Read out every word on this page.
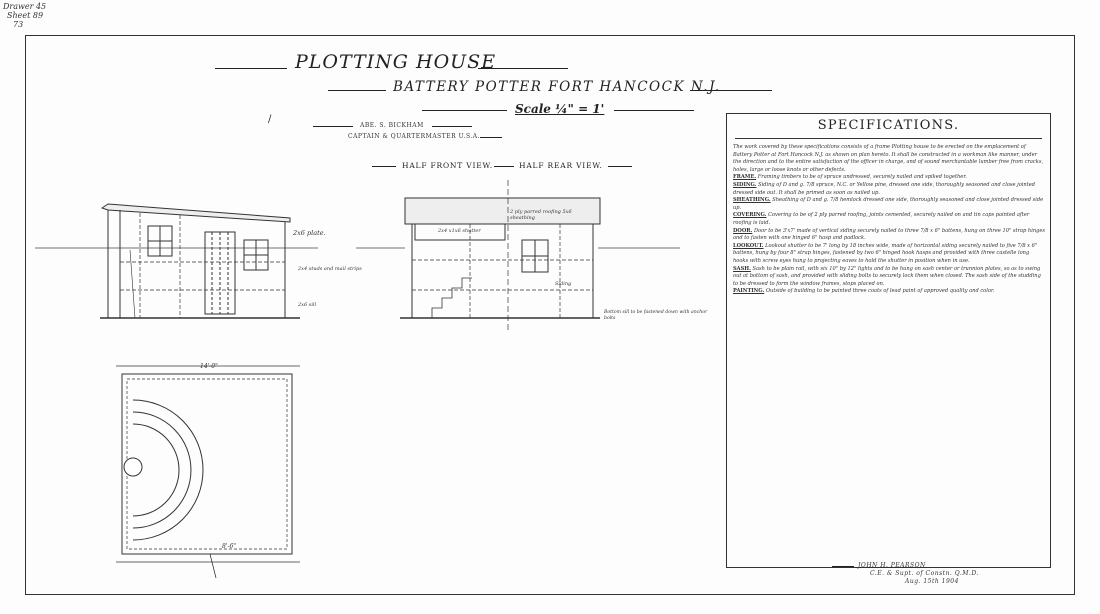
Drawer 45
Sheet 89
73
PLOTTING HOUSE
BATTERY POTTER FORT HANCOCK N.J.
Scale ¼" = 1'
ABE. S. BICKHAM
CAPTAIN & QUARTERMASTER U.S.A.
HALF FRONT VIEW.	HALF REAR VIEW.
/
2x6 plate.
2x4 studs and mail strips
2x6 sill
2 ply parred roofing 5x6 sheathing
2x4 x1x6 shutter
Siding
Bottom sill to be fastened down with anchor bolts
14'-0"
8'-6"
SPECIFICATIONS.

The work covered by these specifications consists of a frame Plotting house to be erected on the emplacement of Battery Potter at Fort Hancock N.J. as shown on plan hereto. It shall be constructed in a workman like manner, under the direction and to the entire satisfaction of the officer in charge, and of sound merchantable lumber free from cracks, holes, large or loose knots or other defects.

FRAME. Framing timbers to be of spruce undressed, securely nailed and spiked together.

SIDING. Siding of D and g. 7/8 spruce, N.C. or Yellow pine, dressed one side, thoroughly seasoned and close jointed dressed side out. It shall be primed as soon as nailed up.

SHEATHING. Sheathing of D and g. 7/8 hemlock dressed one side, thoroughly seasoned and close jointed dressed side up.

COVERING. Covering to be of 2 ply parred roofing, joints cemented, securely nailed on and tin caps painted after roofing is laid.

DOOR. Door to be 3'x7' made of vertical siding securely nailed to three 7/8 x 6" battens, hung on three 10" strap hinges and to fasten with one hinged 6" hasp and padlock.

LOOKOUT. Lookout shutter to be 7' long by 18 inches wide, made of horizontal siding securely nailed to five 7/8 x 6" battens, hung by four 8" strap hinges, fastened by two 6" hinged hook hasps and provided with three castelle long hooks with screw eyes hung to projecting eaves to hold the shutter in position when in use.

SASH. Sash to be plain rail, with six 10" by 12" lights and to be hung on sash center or trunnion plates, so as to swing out at bottom of sash, and provided with sliding bolts to securely lock them when closed. The sash side of the studding to be dressed to form the window frames, stops placed on.

PAINTING. Outside of building to be painted three coats of lead paint of approved quality and color.

JOHN H. PEARSON
C.E. & Supt. of Constn. Q.M.D.
Aug. 15th 1904
